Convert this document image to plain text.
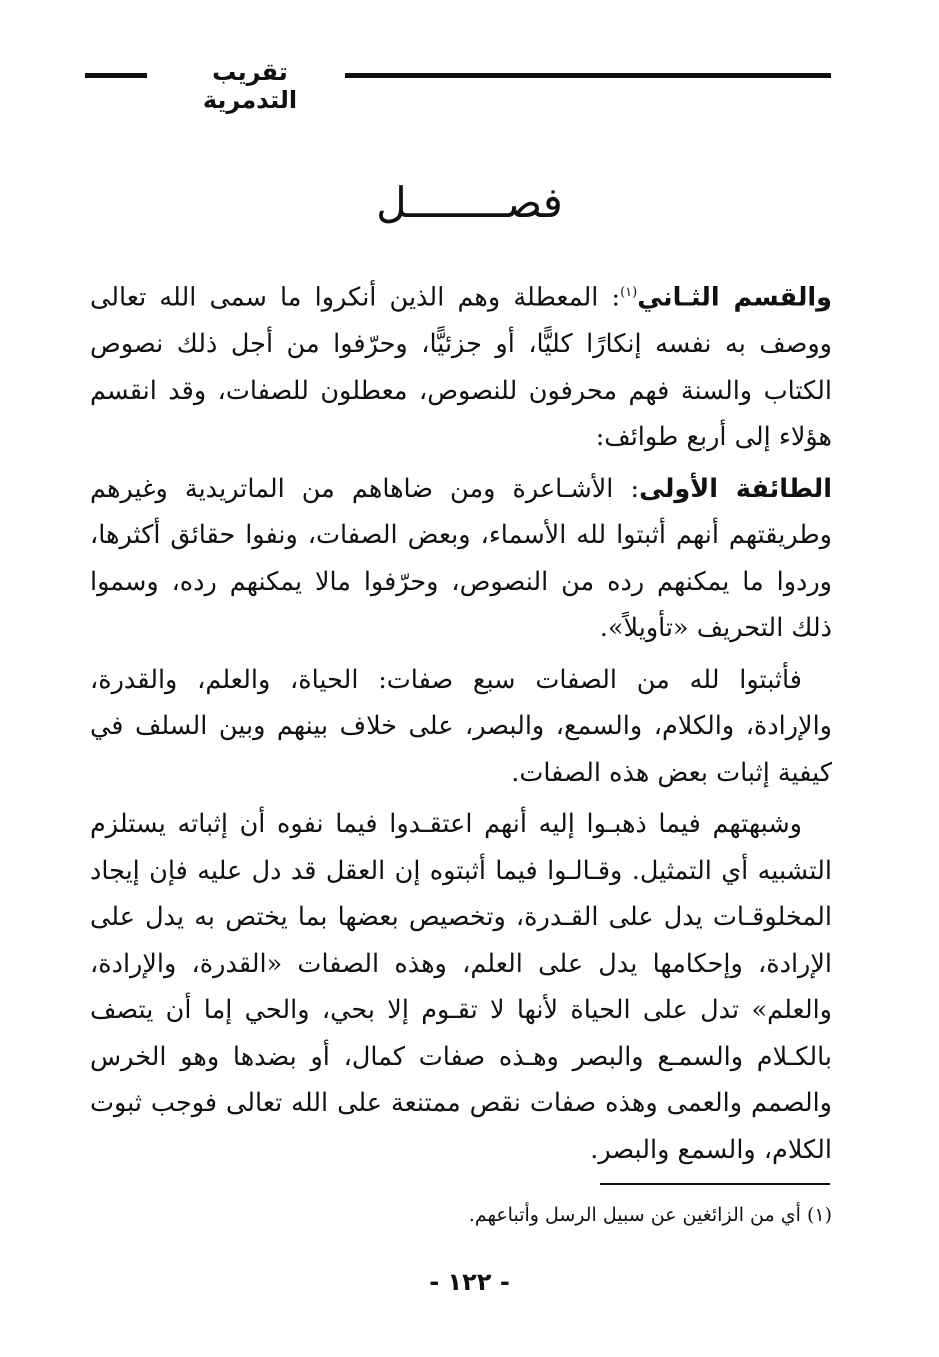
تقريب التدمرية
فصــــــــل

والقسم الثـاني$^{(١)}$: المعطلة وهم الذين أنكروا ما سمى الله تعالى ووصف به نفسه إنكارًا كليًّا، أو جزئيًّا، وحرّفوا من أجل ذلك نصوص الكتاب والسنة فهم محرفون للنصوص، معطلون للصفات، وقد انقسم هؤلاء إلى أربع طوائف:

الطائفة الأولى: الأشـاعرة ومن ضاهاهم من الماتريدية وغيرهم وطريقتهم أنهم أثبتوا لله الأسماء، وبعض الصفات، ونفوا حقائق أكثرها، وردوا ما يمكنهم رده من النصوص، وحرّفوا مالا يمكنهم رده، وسموا ذلك التحريف «تأويلاً».

فأثبتوا لله من الصفات سبع صفات: الحياة، والعلم، والقدرة، والإرادة، والكلام، والسمع، والبصر، على خلاف بينهم وبين السلف في كيفية إثبات بعض هذه الصفات.

وشبهتهم فيما ذهبـوا إليه أنهم اعتقـدوا فيما نفوه أن إثباته يستلزم التشبيه أي التمثيل. وقـالـوا فيما أثبتوه إن العقل قد دل عليه فإن إيجاد المخلوقـات يدل على القـدرة، وتخصيص بعضها بما يختص به يدل على الإرادة، وإحكامها يدل على العلم، وهذه الصفات «القدرة، والإرادة، والعلم» تدل على الحياة لأنها لا تقـوم إلا بحي، والحي إما أن يتصف بالكـلام والسمـع والبصر وهـذه صفات كمال، أو بضدها وهو الخرس والصمم والعمى وهذه صفات نقص ممتنعة على الله تعالى فوجب ثبوت الكلام، والسمع والبصر.

(١) أي من الزائغين عن سبيل الرسل وأتباعهم.
- ١٢٢ -
